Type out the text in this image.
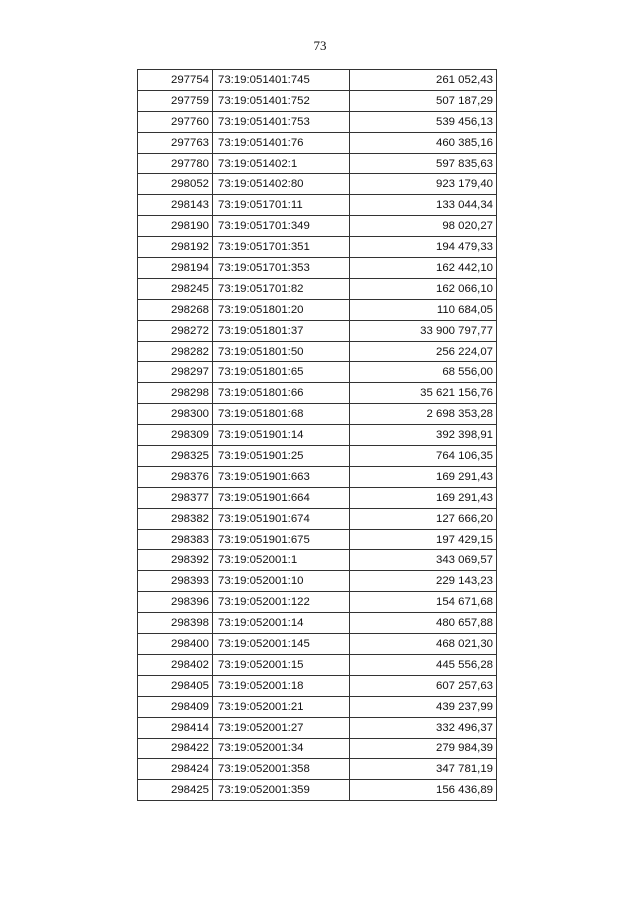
73
297754	73:19:051401:745	261 052,43
297759	73:19:051401:752	507 187,29
297760	73:19:051401:753	539 456,13
297763	73:19:051401:76	460 385,16
297780	73:19:051402:1	597 835,63
298052	73:19:051402:80	923 179,40
298143	73:19:051701:11	133 044,34
298190	73:19:051701:349	98 020,27
298192	73:19:051701:351	194 479,33
298194	73:19:051701:353	162 442,10
298245	73:19:051701:82	162 066,10
298268	73:19:051801:20	110 684,05
298272	73:19:051801:37	33 900 797,77
298282	73:19:051801:50	256 224,07
298297	73:19:051801:65	68 556,00
298298	73:19:051801:66	35 621 156,76
298300	73:19:051801:68	2 698 353,28
298309	73:19:051901:14	392 398,91
298325	73:19:051901:25	764 106,35
298376	73:19:051901:663	169 291,43
298377	73:19:051901:664	169 291,43
298382	73:19:051901:674	127 666,20
298383	73:19:051901:675	197 429,15
298392	73:19:052001:1	343 069,57
298393	73:19:052001:10	229 143,23
298396	73:19:052001:122	154 671,68
298398	73:19:052001:14	480 657,88
298400	73:19:052001:145	468 021,30
298402	73:19:052001:15	445 556,28
298405	73:19:052001:18	607 257,63
298409	73:19:052001:21	439 237,99
298414	73:19:052001:27	332 496,37
298422	73:19:052001:34	279 984,39
298424	73:19:052001:358	347 781,19
298425	73:19:052001:359	156 436,89
